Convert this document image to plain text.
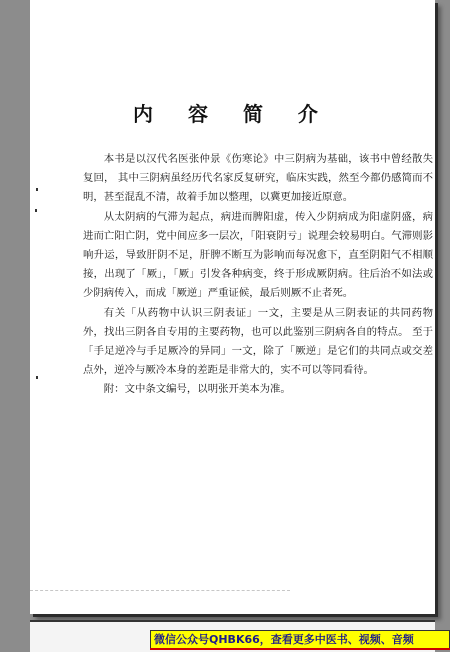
内 容 简 介

本书是以汉代名医张仲景《伤寒论》中三阴病为基础，该书中曾经散失复回， 其中三阴病虽经历代名家反复研究，临床实践，然至今都仍感简而不明，甚至混乱不清，故着手加以整理，以冀更加接近原意。

从太阴病的气滞为起点，病进而脾阳虚，传入少阴病成为阳虚阴盛，病进而亡阳亡阴，党中间应多一层次，「阳衰阴亏」说理会较易明白。气滞则影响升运，导致肝阴不足，肝脾不断互为影响而每况愈下，直至阴阳气不相顺接，出现了「厥」，「厥」引发各种病变，终于形成厥阴病。往后治不如法或少阴病传入，而成「厥逆」严重证候，最后则厥不止者死。

有关「从药物中认识三阴表证」一文，主要是从三阴表证的共同药物外，找出三阴各自专用的主要药物，也可以此鉴别三阴病各自的特点。 至于「手足逆冷与手足厥冷的异同」一文，除了「厥逆」是它们的共同点或交差点外，逆冷与厥冷本身的差距是非常大的，实不可以等同看待。

附：文中条文编号，以明张开美本为准。

微信公众号QHBK66，查看更多中医书、视频、音频
